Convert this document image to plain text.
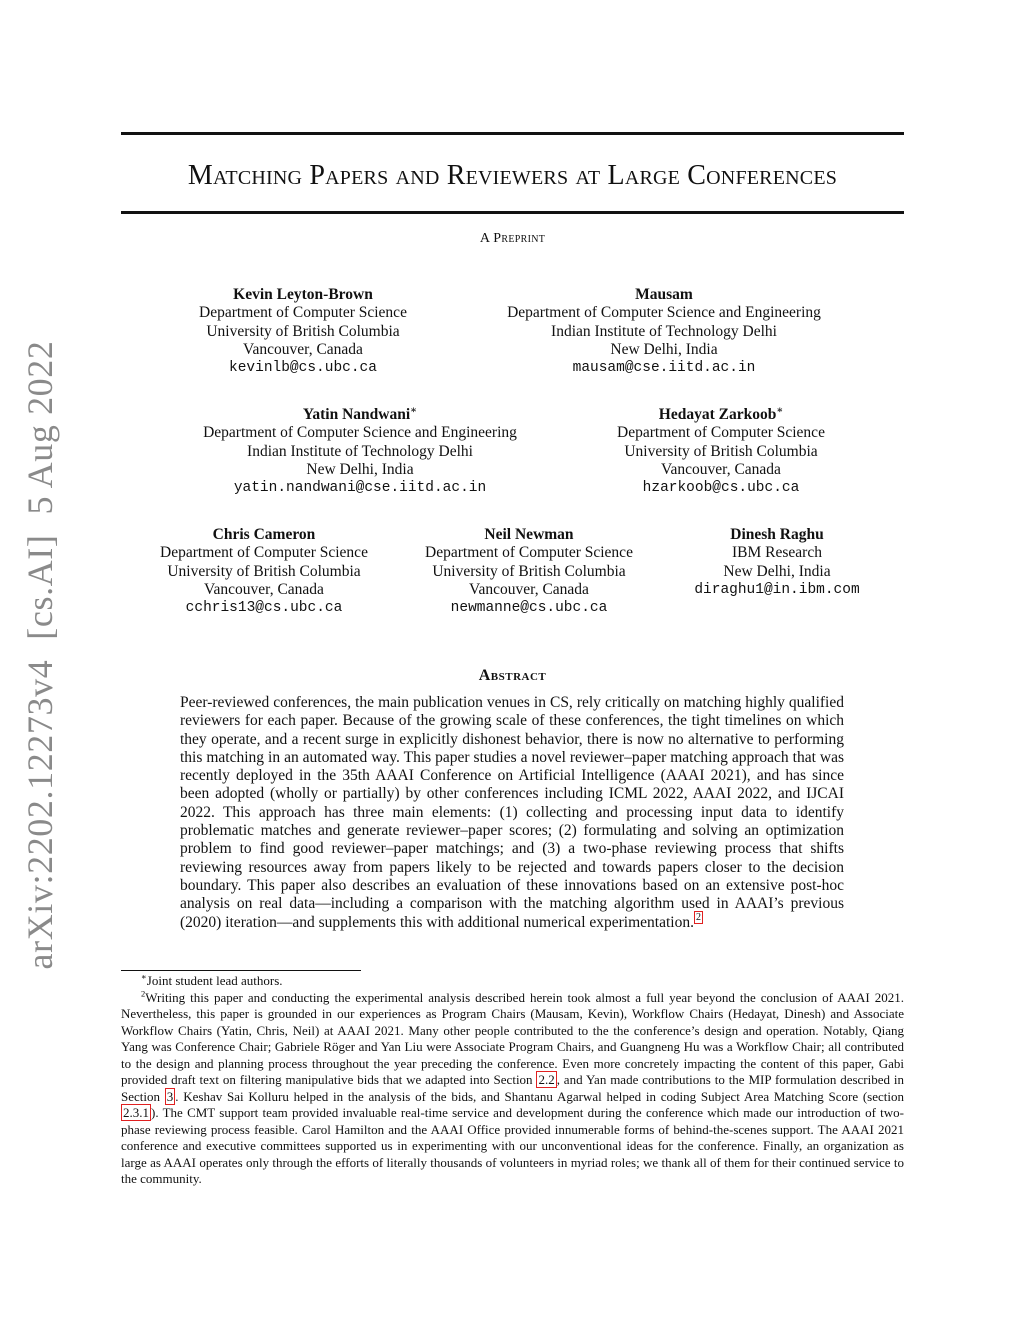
arXiv:2202.12273v4[cs.AI]5 Aug 2022
Matching Papers and Reviewers at Large Conferences
A Preprint
Kevin Leyton-Brown
Department of Computer Science
University of British Columbia
Vancouver, Canada
kevinlb@cs.ubc.ca
Mausam
Department of Computer Science and Engineering
Indian Institute of Technology Delhi
New Delhi, India
mausam@cse.iitd.ac.in
Yatin Nandwani∗
Department of Computer Science and Engineering
Indian Institute of Technology Delhi
New Delhi, India
yatin.nandwani@cse.iitd.ac.in
Hedayat Zarkoob∗
Department of Computer Science
University of British Columbia
Vancouver, Canada
hzarkoob@cs.ubc.ca
Chris Cameron
Department of Computer Science
University of British Columbia
Vancouver, Canada
cchris13@cs.ubc.ca
Neil Newman
Department of Computer Science
University of British Columbia
Vancouver, Canada
newmanne@cs.ubc.ca
Dinesh Raghu
IBM Research
New Delhi, India
diraghu1@in.ibm.com
Abstract

Peer-reviewed conferences, the main publication venues in CS, rely critically on matching highly qualified reviewers for each paper. Because of the growing scale of these conferences, the tight timelines on which they operate, and a recent surge in explicitly dishonest behavior, there is now no alternative to performing this matching in an automated way. This paper studies a novel reviewer–paper matching approach that was recently deployed in the 35th AAAI Conference on Artificial Intelligence (AAAI 2021), and has since been adopted (wholly or partially) by other conferences including ICML 2022, AAAI 2022, and IJCAI 2022. This approach has three main elements: (1) collecting and processing input data to identify problematic matches and generate reviewer–paper scores; (2) formulating and solving an optimization problem to find good reviewer–paper matchings; and (3) a two-phase reviewing process that shifts reviewing resources away from papers likely to be rejected and towards papers closer to the decision boundary. This paper also describes an evaluation of these innovations based on an extensive post-hoc analysis on real data—including a comparison with the matching algorithm used in AAAI’s previous (2020) iteration—and supplements this with additional numerical experimentation. $^2$

∗Joint student lead authors.

$^2$Writing this paper and conducting the experimental analysis described herein took almost a full year beyond the conclusion of AAAI 2021. Nevertheless, this paper is grounded in our experiences as Program Chairs (Mausam, Kevin), Workflow Chairs (Hedayat, Dinesh) and Associate Workflow Chairs (Yatin, Chris, Neil) at AAAI 2021. Many other people contributed to the the conference’s design and operation. Notably, Qiang Yang was Conference Chair; Gabriele Röger and Yan Liu were Associate Program Chairs, and Guangneng Hu was a Workflow Chair; all contributed to the design and planning process throughout the year preceding the conference. Even more concretely impacting the content of this paper, Gabi provided draft text on filtering manipulative bids that we adapted into Section 2.2 , and Yan made contributions to the MIP formulation described in Section 3 . Keshav Sai Kolluru helped in the analysis of the bids, and Shantanu Agarwal helped in coding Subject Area Matching Score (section 2.3.1 ). The CMT support team provided invaluable real-time service and development during the conference which made our introduction of two-phase reviewing process feasible. Carol Hamilton and the AAAI Office provided innumerable forms of behind-the-scenes support. The AAAI 2021 conference and executive committees supported us in experimenting with our unconventional ideas for the conference. Finally, an organization as large as AAAI operates only through the efforts of literally thousands of volunteers in myriad roles; we thank all of them for their continued service to the community.
